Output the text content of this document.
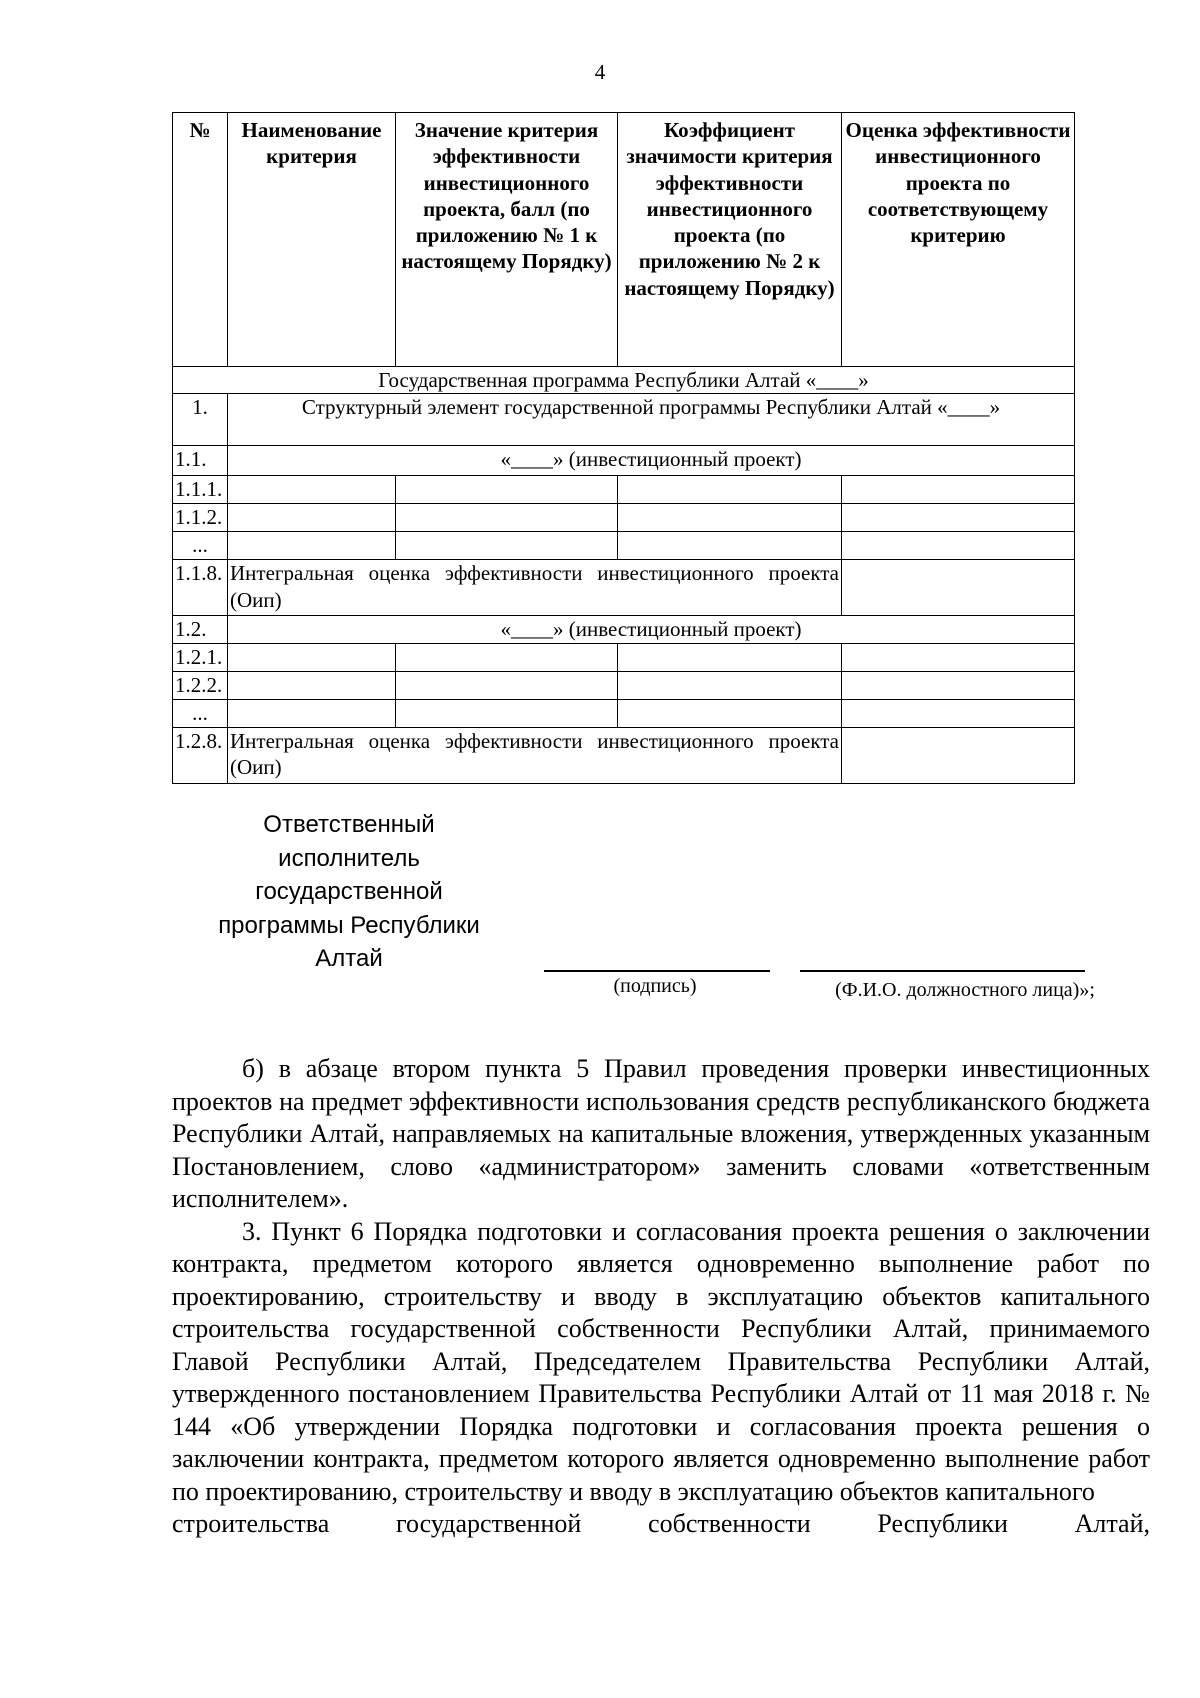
4
№	Наименование критерия	Значение критерия эффективности инвестиционного проекта, балл (по приложению № 1 к настоящему Порядку)	Коэффициент значимости критерия эффективности инвестиционного проекта (по приложению № 2 к настоящему Порядку)	Оценка эффективности инвестиционного проекта по соответствующему критерию
Государственная программа Республики Алтай «____»				
1.	Структурный элемент государственной программы Республики Алтай «____»			
1.1.	«____» (инвестиционный проект)			
1.1.1.				
1.1.2.				
...				
1.1.8.	Интегральная оценка эффективности инвестиционного проекта (Оип)			
1.2.	«____» (инвестиционный проект)			
1.2.1.				
1.2.2.				
...				
1.2.8.	Интегральная оценка эффективности инвестиционного проекта (Оип)			
Ответственный исполнитель государственной программы Республики Алтай
(подпись)	(Ф.И.О. должностного лица)»;

б) в абзаце втором пункта 5 Правил проведения проверки инвестиционных проектов на предмет эффективности использования средств республиканского бюджета Республики Алтай, направляемых на капитальные вложения, утвержденных указанным Постановлением, слово «администратором» заменить словами «ответственным исполнителем».

3. Пункт 6 Порядка подготовки и согласования проекта решения о заключении контракта, предметом которого является одновременно выполнение работ по проектированию, строительству и вводу в эксплуатацию объектов капитального строительства государственной собственности Республики Алтай, принимаемого Главой Республики Алтай, Председателем Правительства Республики Алтай, утвержденного постановлением Правительства Республики Алтай от 11 мая 2018 г. № 144 «Об утверждении Порядка подготовки и согласования проекта решения о заключении контракта, предметом которого является одновременно выполнение работ по проектированию, строительству и вводу в эксплуатацию объектов капитального
строительства государственной собственности Республики Алтай,
